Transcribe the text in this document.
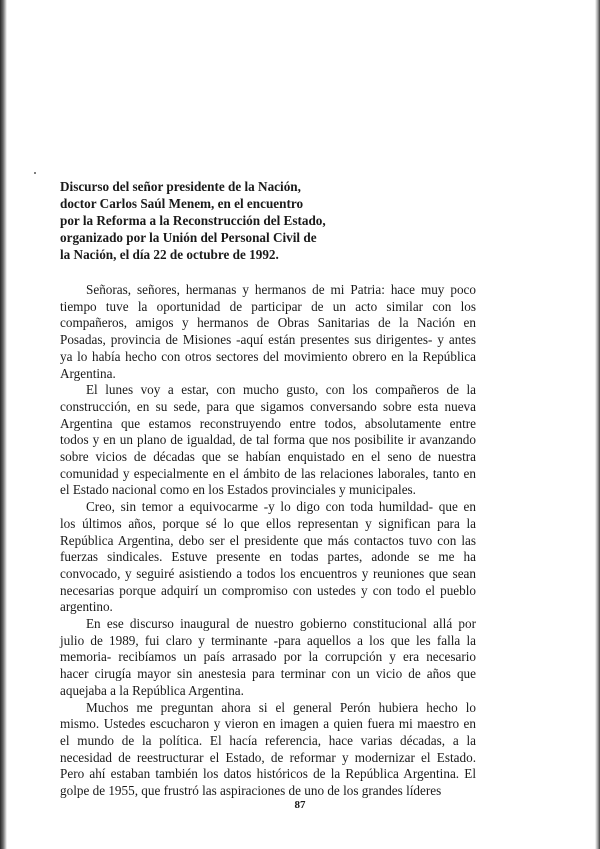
Discurso del señor presidente de la Nación,
doctor Carlos Saúl Menem, en el encuentro
por la Reforma a la Reconstrucción del Estado,
organizado por la Unión del Personal Civil de
la Nación, el día 22 de octubre de 1992.

Señoras, señores, hermanas y hermanos de mi Patria: hace muy poco
tiempo tuve la oportunidad de participar de un acto similar con los
compañeros, amigos y hermanos de Obras Sanitarias de la Nación en
Posadas, provincia de Misiones -aquí están presentes sus dirigentes- y antes
ya lo había hecho con otros sectores del movimiento obrero en la República
Argentina.

El lunes voy a estar, con mucho gusto, con los compañeros de la
construcción, en su sede, para que sigamos conversando sobre esta nueva
Argentina que estamos reconstruyendo entre todos, absolutamente entre
todos y en un plano de igualdad, de tal forma que nos posibilite ir avanzando
sobre vicios de décadas que se habían enquistado en el seno de nuestra
comunidad y especialmente en el ámbito de las relaciones laborales, tanto en
el Estado nacional como en los Estados provinciales y municipales.

Creo, sin temor a equivocarme -y lo digo con toda humildad- que en
los últimos años, porque sé lo que ellos representan y significan para la
República Argentina, debo ser el presidente que más contactos tuvo con las
fuerzas sindicales. Estuve presente en todas partes, adonde se me ha
convocado, y seguiré asistiendo a todos los encuentros y reuniones que sean
necesarias porque adquirí un compromiso con ustedes y con todo el pueblo
argentino.

En ese discurso inaugural de nuestro gobierno constitucional allá por
julio de 1989, fui claro y terminante -para aquellos a los que les falla la
memoria- recibíamos un país arrasado por la corrupción y era necesario
hacer cirugía mayor sin anestesia para terminar con un vicio de años que
aquejaba a la República Argentina.

Muchos me preguntan ahora si el general Perón hubiera hecho lo
mismo. Ustedes escucharon y vieron en imagen a quien fuera mi maestro en
el mundo de la política. El hacía referencia, hace varias décadas, a la
necesidad de reestructurar el Estado, de reformar y modernizar el Estado.
Pero ahí estaban también los datos históricos de la República Argentina. El
golpe de 1955, que frustró las aspiraciones de uno de los grandes líderes

87
